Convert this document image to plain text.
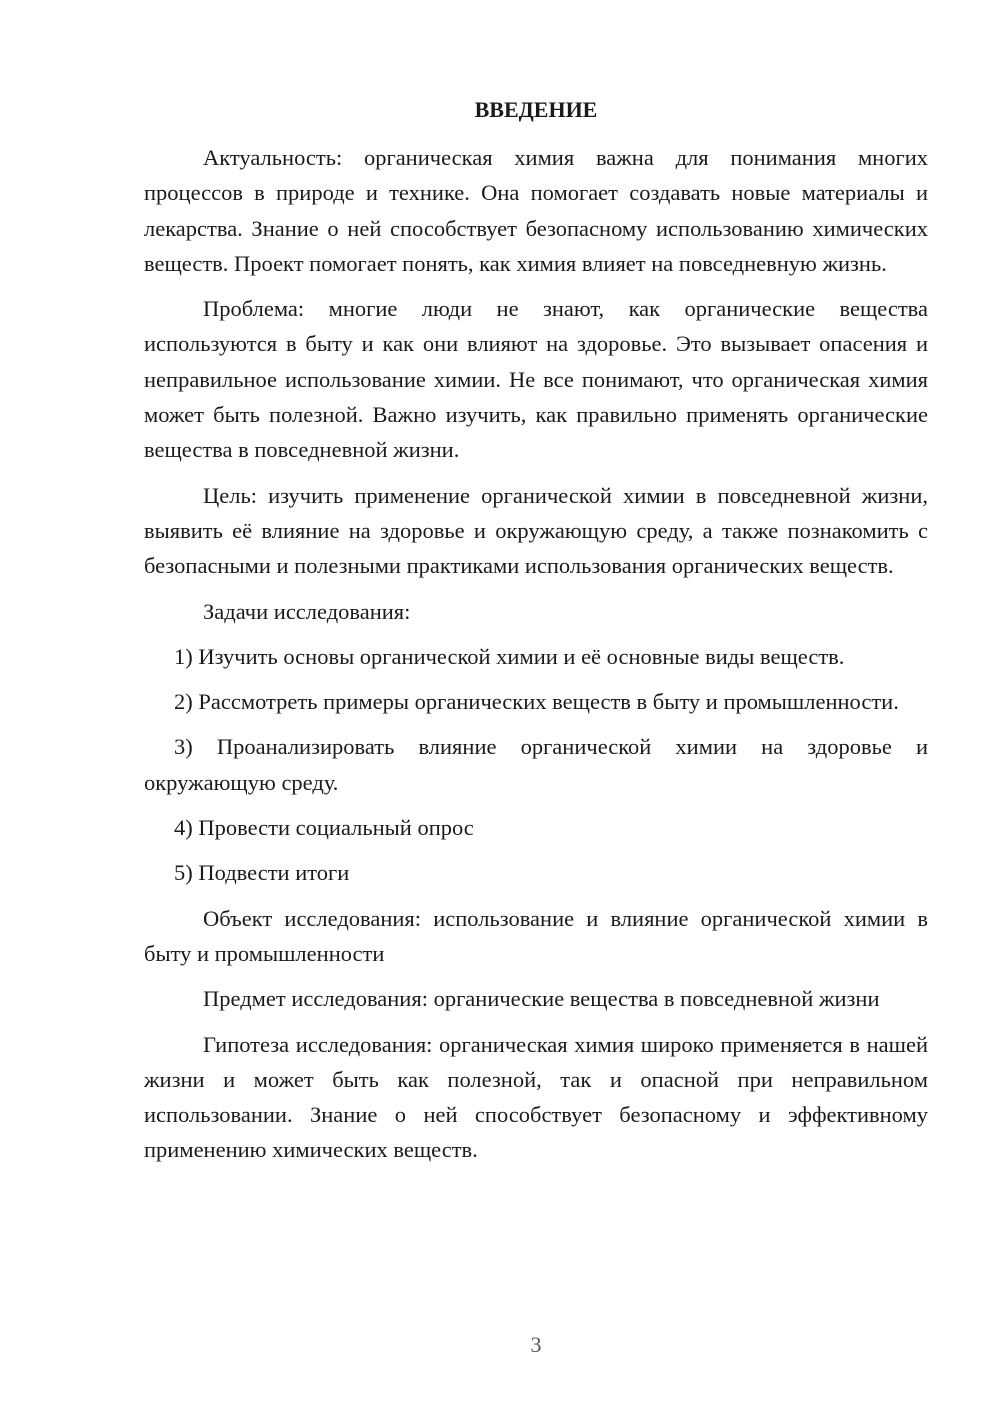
ВВЕДЕНИЕ

Актуальность: органическая химия важна для понимания многих процессов в природе и технике. Она помогает создавать новые материалы и лекарства. Знание о ней способствует безопасному использованию химических веществ. Проект помогает понять, как химия влияет на повседневную жизнь.

Проблема: многие люди не знают, как органические вещества используются в быту и как они влияют на здоровье. Это вызывает опасения и неправильное использование химии. Не все понимают, что органическая химия может быть полезной. Важно изучить, как правильно применять органические вещества в повседневной жизни.

Цель: изучить применение органической химии в повседневной жизни, выявить её влияние на здоровье и окружающую среду, а также познакомить с безопасными и полезными практиками использования органических веществ.

Задачи исследования:

1) Изучить основы органической химии и её основные виды веществ.

2) Рассмотреть примеры органических веществ в быту и промышленности.

3) Проанализировать влияние органической химии на здоровье и окружающую среду.

4) Провести социальный опрос

5) Подвести итоги

Объект исследования: использование и влияние органической химии в быту и промышленности

Предмет исследования: органические вещества в повседневной жизни

Гипотеза исследования: органическая химия широко применяется в нашей жизни и может быть как полезной, так и опасной при неправильном использовании. Знание о ней способствует безопасному и эффективному применению химических веществ.

3
